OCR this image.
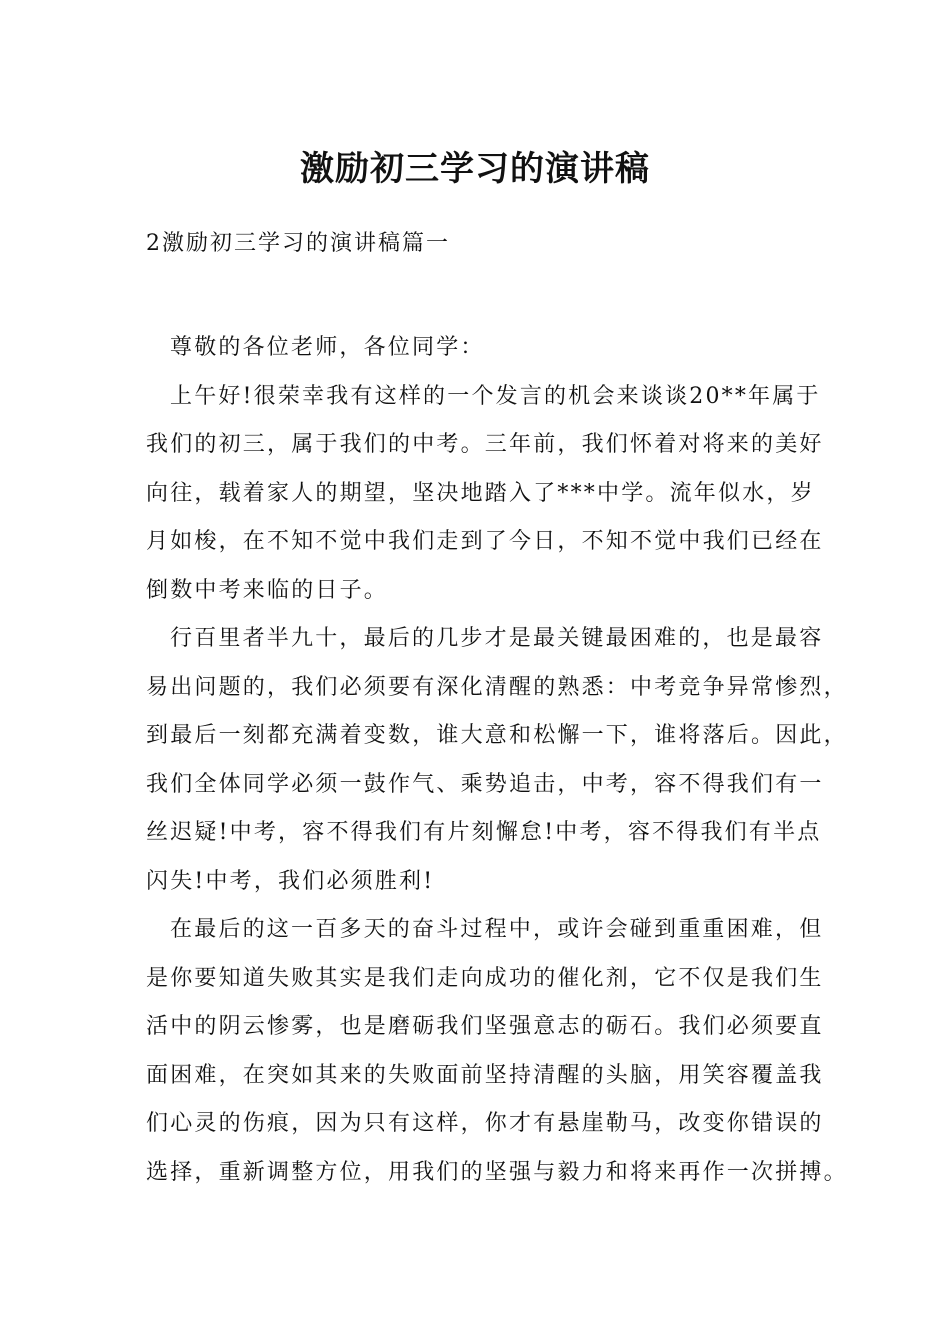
激励初三学习的演讲稿
2激励初三学习的演讲稿篇一
尊敬的各位老师，各位同学：
上午好!很荣幸我有这样的一个发言的机会来谈谈20**年属于
我们的初三，属于我们的中考。三年前，我们怀着对将来的美好
向往，载着家人的期望，坚决地踏入了***中学。流年似水，岁
月如梭，在不知不觉中我们走到了今日，不知不觉中我们已经在
倒数中考来临的日子。
行百里者半九十，最后的几步才是最关键最困难的，也是最容
易出问题的，我们必须要有深化清醒的熟悉：中考竞争异常惨烈，
到最后一刻都充满着变数，谁大意和松懈一下，谁将落后。因此，
我们全体同学必须一鼓作气、乘势追击，中考，容不得我们有一
丝迟疑!中考，容不得我们有片刻懈怠!中考，容不得我们有半点
闪失!中考，我们必须胜利!
在最后的这一百多天的奋斗过程中，或许会碰到重重困难，但
是你要知道失败其实是我们走向成功的催化剂，它不仅是我们生
活中的阴云惨雾，也是磨砺我们坚强意志的砺石。我们必须要直
面困难，在突如其来的失败面前坚持清醒的头脑，用笑容覆盖我
们心灵的伤痕，因为只有这样，你才有悬崖勒马，改变你错误的
选择，重新调整方位，用我们的坚强与毅力和将来再作一次拼搏。
